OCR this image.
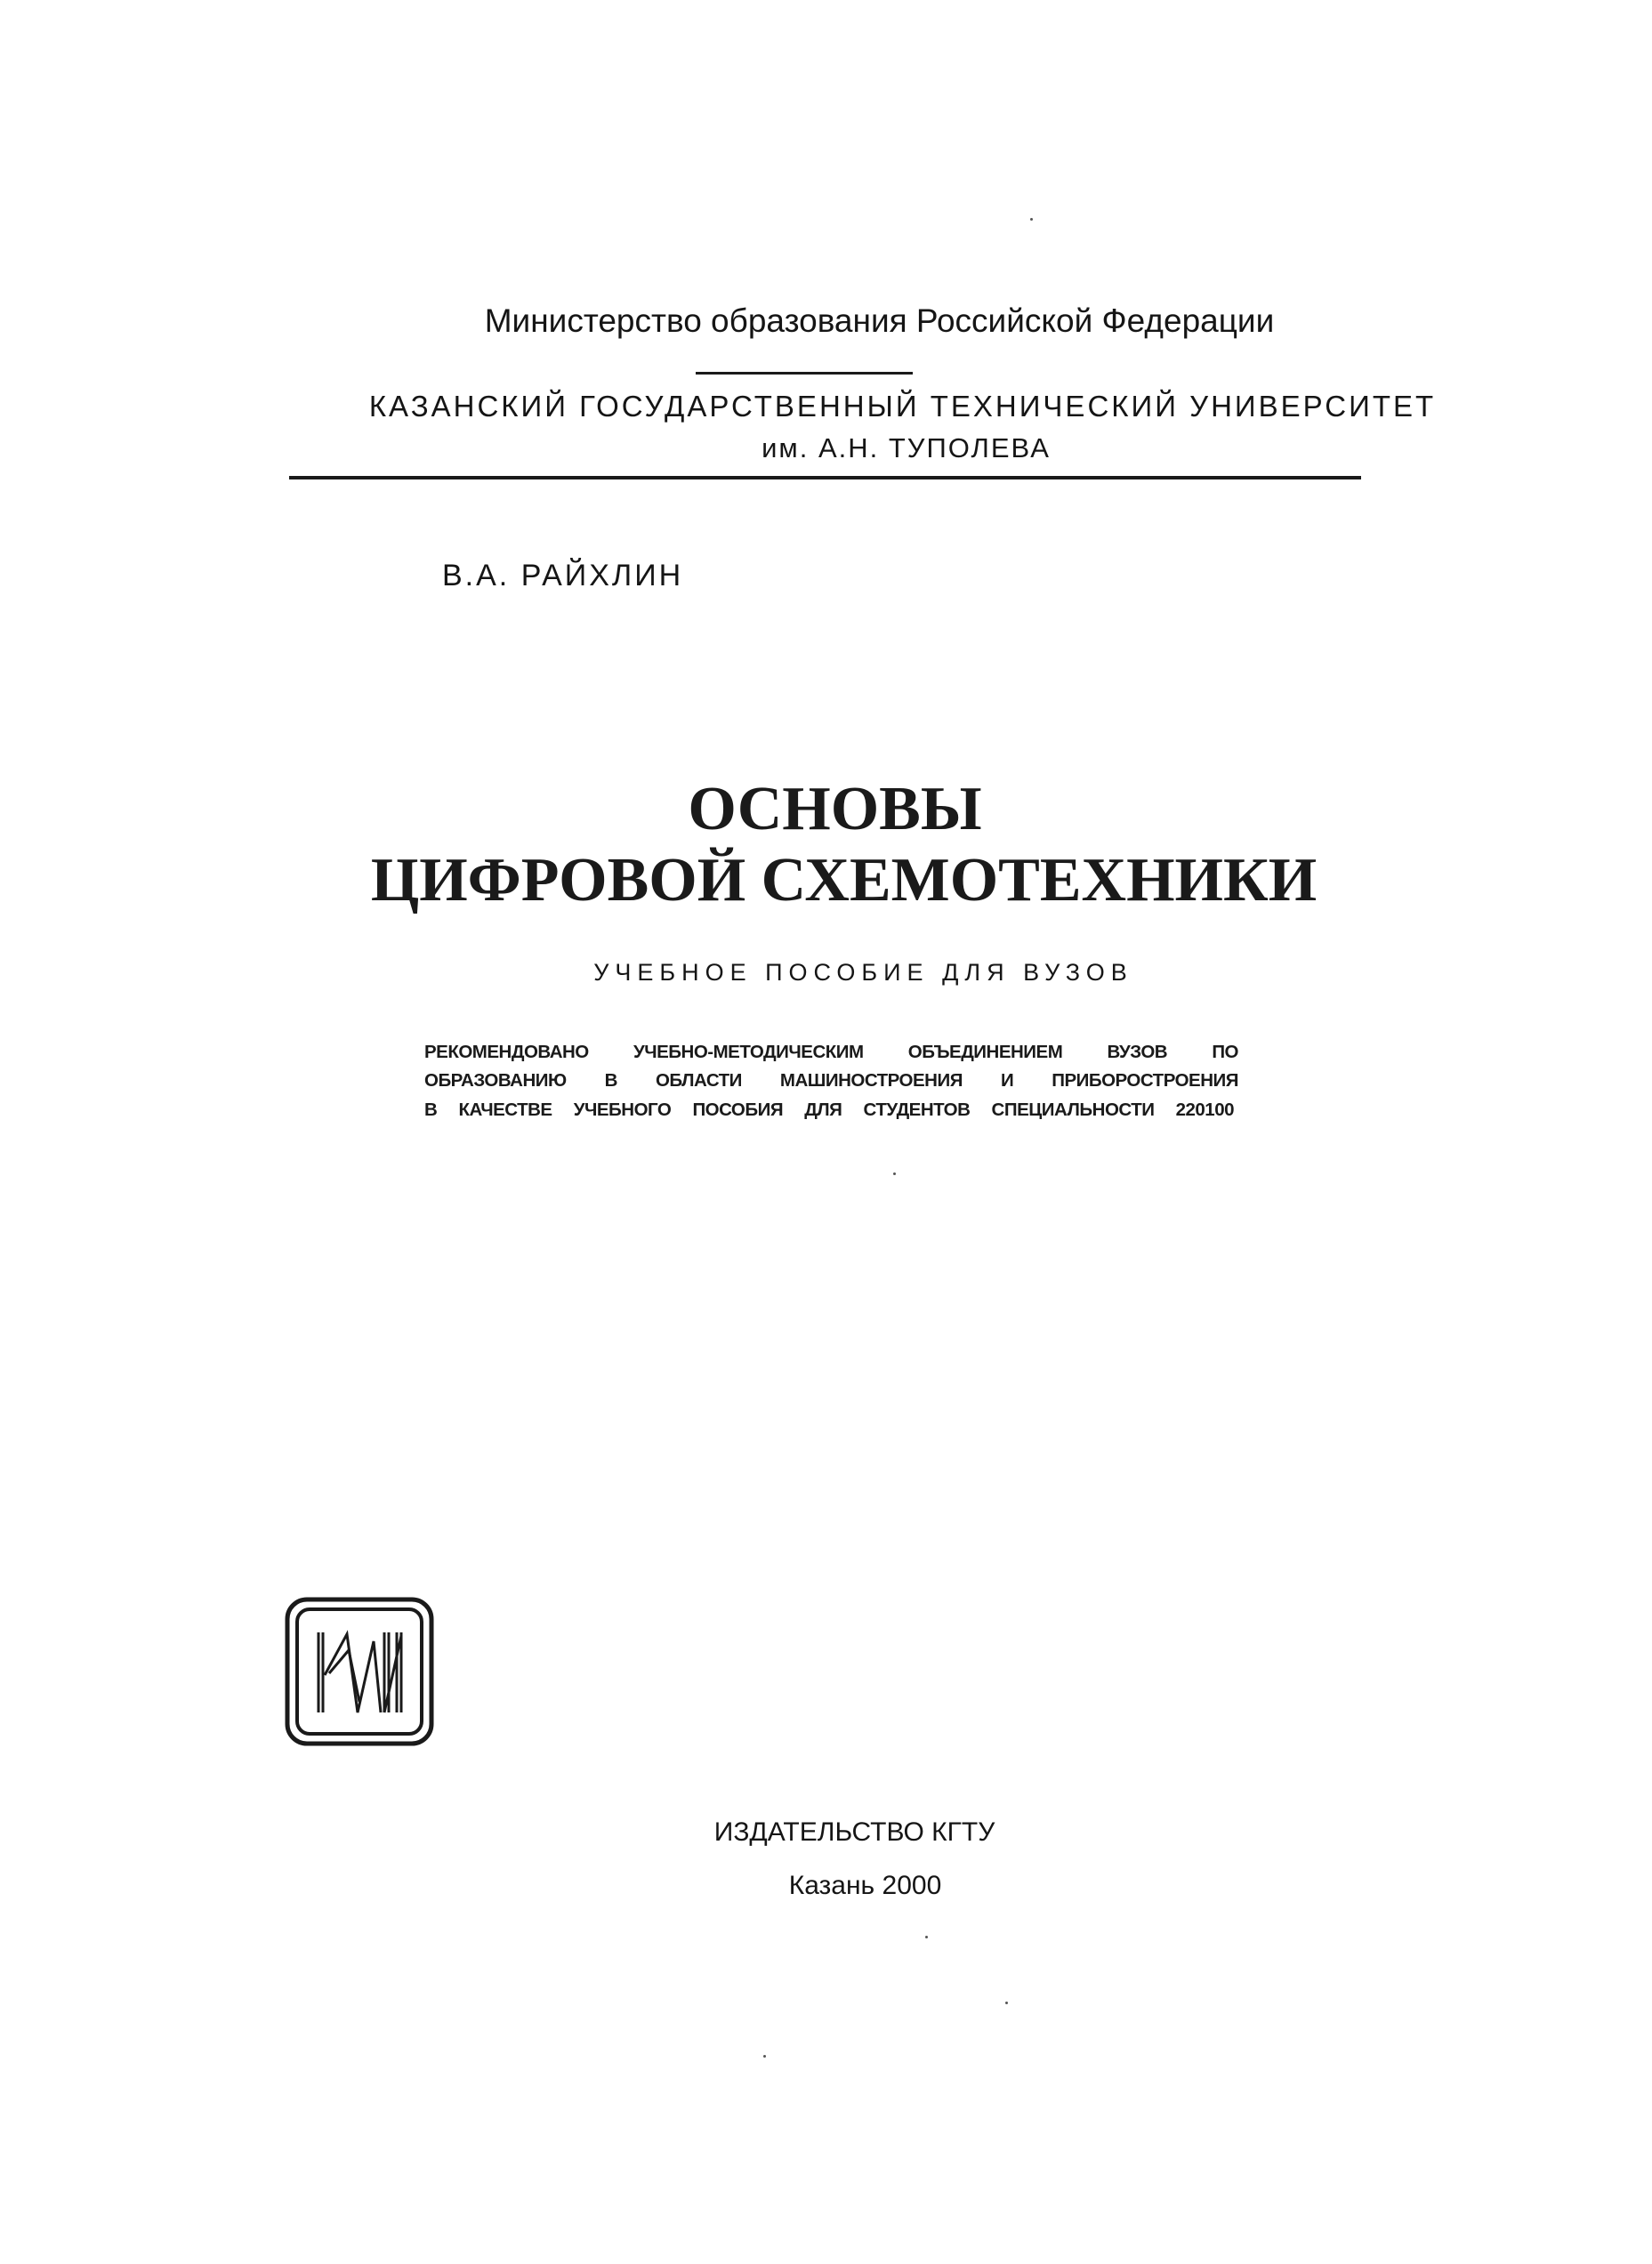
Министерство образования Российской Федерации
КАЗАНСКИЙ ГОСУДАРСТВЕННЫЙ ТЕХНИЧЕСКИЙ УНИВЕРСИТЕТ
им. А.Н. ТУПОЛЕВА
В.А. РАЙХЛИН
ОСНОВЫ
ЦИФРОВОЙ СХЕМОТЕХНИКИ
УЧЕБНОЕ ПОСОБИЕ ДЛЯ ВУЗОВ
РЕКОМЕНДОВАНО УЧЕБНО-МЕТОДИЧЕСКИМ ОБЪЕДИНЕНИЕМ ВУЗОВ ПО
ОБРАЗОВАНИЮ В ОБЛАСТИ МАШИНОСТРОЕНИЯ И ПРИБОРОСТРОЕНИЯ
В КАЧЕСТВЕ УЧЕБНОГО ПОСОБИЯ ДЛЯ СТУДЕНТОВ СПЕЦИАЛЬНОСТИ 220100
ИЗДАТЕЛЬСТВО КГТУ
Казань 2000
